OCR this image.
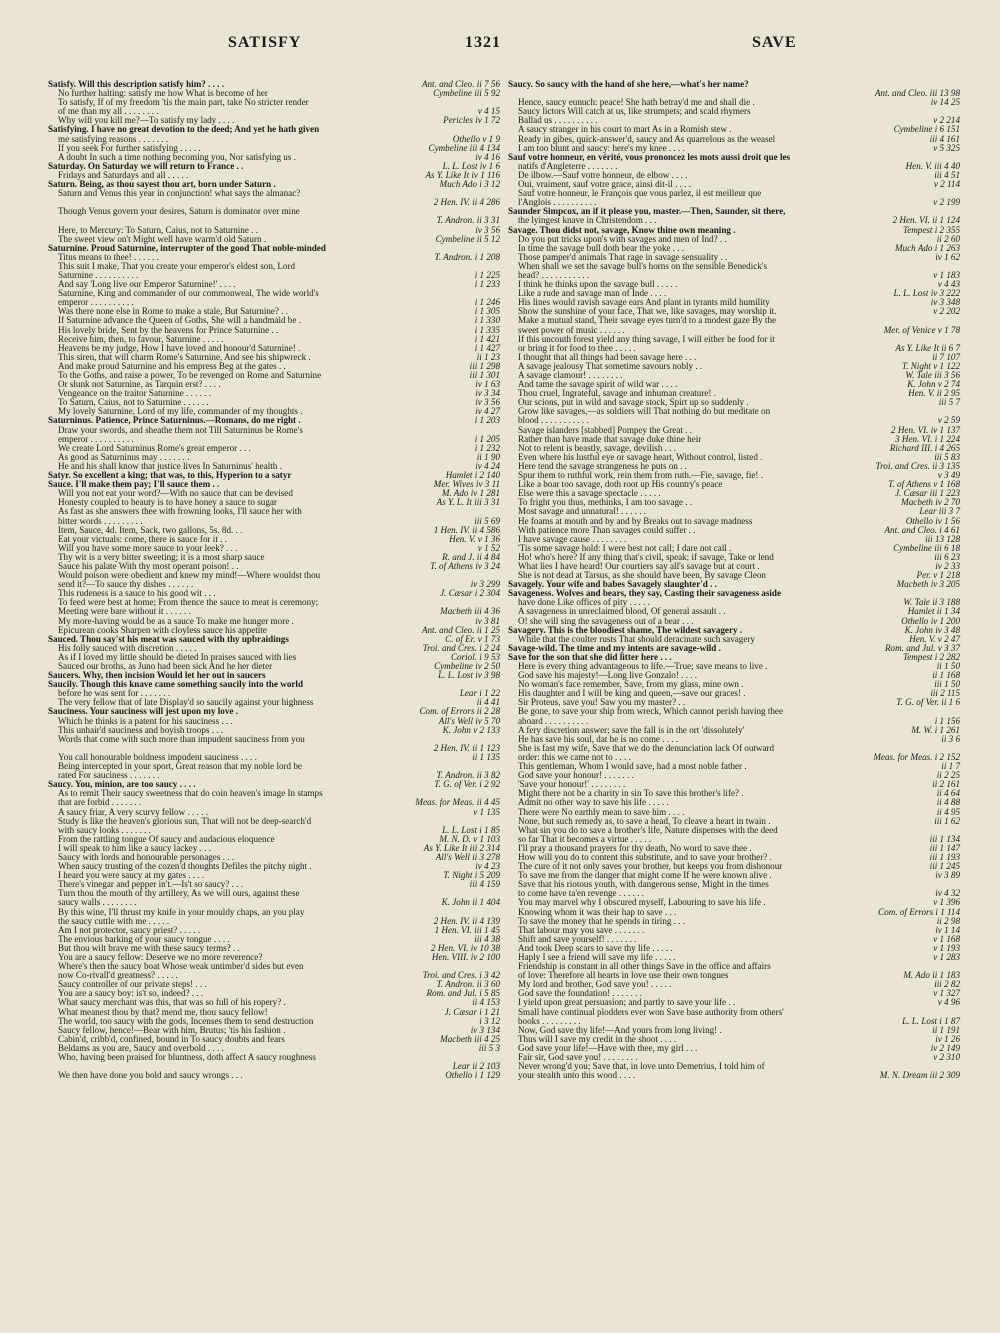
SATISFY	1321	SAVE
Satisfy. Will this description satisfy him? . . . .	Ant. and Cleo. ii 7 56
No further halting: satisfy me how What is become of her	Cymbeline iii 5 92
To satisfy, If of my freedom 'tis the main part, take No stricter render
of me than my all . . . . . . . .	v 4 15
Why will you kill me?—To satisfy my lady . . . .	Pericles iv 1 72
Satisfying. I have no great devotion to the deed; And yet he hath given
me satisfying reasons . . . . . . .	Othello v 1 9
If you seek For further satisfying . . . . .	Cymbeline iii 4 134
A doubt In such a time nothing becoming you, Nor satisfying us .	iv 4 16
Saturday. On Saturday we will return to France . .	L. L. Lost iv 1 6
Fridays and Saturdays and all . . . . .	As Y. Like It iv 1 116
Saturn. Being, as thou sayest thou art, born under Saturn .	Much Ado i 3 12
Saturn and Venus this year in conjunction! what says the almanac?
2 Hen. IV. ii 4 286
Though Venus govern your desires, Saturn is dominator over mine
T. Andron. ii 3 31
Here, to Mercury: To Saturn, Caius, not to Saturnine . .	iv 3 56
The sweet view on't Might well have warm'd old Saturn .	Cymbeline ii 5 12
Saturnine. Proud Saturnine, interrupter of the good That noble-minded
Titus means to thee! . . . . . .	T. Andron. i 1 208
This suit I make, That you create your emperor's eldest son, Lord
Saturnine . . . . . . . . . .	i 1 225
And say 'Long live our Emperor Saturnine!' . . . .	i 1 233
Saturnine, King and commander of our commonweal, The wide world's
emperor . . . . . . . . . .	i 1 246
Was there none else in Rome to make a stale, But Saturnine? . .	i 1 305
If Saturnine advance the Queen of Goths, She will a handmaid be .	i 1 330
His lovely bride, Sent by the heavens for Prince Saturnine . .	i 1 335
Receive him, then, to favour, Saturnine . . . . .	i 1 421
Heavens be my judge, How I have loved and honour'd Saturnine! .	i 1 427
This siren, that will charm Rome's Saturnine, And see his shipwreck .	ii 1 23
And make proud Saturnine and his empress Beg at the gates . .	iii 1 298
To the Goths, and raise a power, To be revenged on Rome and Saturnine	iii 1 301
Or slunk not Saturnine, as Tarquin erst? . . . .	iv 1 63
Vengeance on the traitor Saturnine . . . . . .	iv 3 34
To Saturn, Caius, not to Saturnine . . . . . .	iv 3 56
My lovely Saturnine, Lord of my life, commander of my thoughts .	iv 4 27
Saturninus. Patience, Prince Saturninus.—Romans, do me right .	i 1 203
Draw your swords, and sheathe them not Till Saturninus be Rome's
emperor . . . . . . . . . .	i 1 205
We create Lord Saturninus Rome's great emperor . . .	i 1 232
As good as Saturninus may . . . . . . .	ii 1 90
He and his shall know that justice lives In Saturninus' health .	iv 4 24
Satyr. So excellent a king; that was, to this, Hyperion to a satyr	Hamlet i 2 140
Sauce. I'll make them pay; I'll sauce them . .	Mer. Wives iv 3 11
Will you not eat your word?—With no sauce that can be devised	M. Ado iv 1 281
Honesty coupled to beauty is to have honey a sauce to sugar	As Y. L. It iii 3 31
As fast as she answers thee with frowning looks, I'll sauce her with
bitter words . . . . . . . . .	iii 5 69
Item, Sauce, 4d. Item, Sack, two gallons, 5s. 8d. . .	1 Hen. IV. ii 4 586
Eat your victuals: come, there is sauce for it . .	Hen. V. v 1 36
Will you have some more sauce to your leek? . . .	v 1 52
Thy wit is a very bitter sweeting; it is a most sharp sauce	R. and J. ii 4 84
Sauce his palate With thy most operant poison! . .	T. of Athens iv 3 24
Would poison were obedient and knew my mind!—Where wouldst thou
send it?—To sauce thy dishes . . . . . .	iv 3 299
This rudeness is a sauce to his good wit . . .	J. Cæsar i 2 304
To feed were best at home; From thence the sauce to meat is ceremony;
Meeting were bare without it . . . . . .	Macbeth iii 4 36
My more-having would be as a sauce To make me hunger more .	iv 3 81
Epicurean cooks Sharpen with cloyless sauce his appetite	Ant. and Cleo. ii 1 25
Sauced. Thou say'st his meat was sauced with thy upbraidings	C. of Er. v 1 73
His folly sauced with discretion . . . . .	Troi. and Cres. i 2 24
As if I loved my little should be dieted In praises sauced with lies	Coriol. i 9 53
Sauced our broths, as Juno had been sick And he her dieter	Cymbeline iv 2 50
Saucers. Why, then incision Would let her out in saucers	L. L. Lost iv 3 98
Saucily. Though this knave came something saucily into the world
before he was sent for . . . . . . .	Lear i 1 22
The very fellow that of late Display'd so saucily against your highness	ii 4 41
Sauciness. Your sauciness will jest upon my love .	Com. of Errors ii 2 28
Which he thinks is a patent for his sauciness . . .	All's Well iv 5 70
This unhair'd sauciness and boyish troops . . .	K. John v 2 133
Words that come with such more than impudent sauciness from you
2 Hen. IV. ii 1 123
You call honourable boldness impudent sauciness . . . .	ii 1 135
Being intercepted in your sport, Great reason that my noble lord be
rated For sauciness . . . . . . .	T. Andron. ii 3 82
Saucy. You, minion, are too saucy . . . .	T. G. of Ver. i 2 92
As to remit Their saucy sweetness that do coin heaven's image In stamps
that are forbid . . . . . . .	Meas. for Meas. ii 4 45
A saucy friar, A very scurvy fellow . . . . .	v 1 135
Study is like the heaven's glorious sun, That will not be deep-search'd
with saucy looks . . . . . . .	L. L. Lost i 1 85
From the rattling tongue Of saucy and audacious eloquence	M. N. D. v 1 103
I will speak to him like a saucy lackey . . .	As Y. Like It iii 2 314
Saucy with lords and honourable personages . . .	All's Well ii 3 278
When saucy trusting of the cozen'd thoughts Defiles the pitchy night .	iv 4 23
I heard you were saucy at my gates . . . .	T. Night i 5 209
There's vinegar and pepper in't.—Is't so saucy? . . .	iii 4 159
Turn thou the mouth of thy artillery, As we will ours, against these
saucy walls . . . . . . . .	K. John ii 1 404
By this wine, I'll thrust my knife in your mouldy chaps, an you play
the saucy cuttle with me . . . . .	2 Hen. IV. ii 4 139
Am I not protector, saucy priest? . . . . .	1 Hen. VI. iii 1 45
The envious barking of your saucy tongue . . . .	iii 4 38
But thou wilt brave me with these saucy terms? . .	2 Hen. VI. iv 10 38
You are a saucy fellow: Deserve we no more reverence?	Hen. VIII. iv 2 100
Where's then the saucy boat Whose weak untimber'd sides but even
now Co-rivall'd greatness? . . . . .	Troi. and Cres. i 3 42
Saucy controller of our private steps! . . .	T. Andron. ii 3 60
You are a saucy boy: is't so, indeed? . . .	Rom. and Jul. i 5 85
What saucy merchant was this, that was so full of his ropery? .	ii 4 153
What meanest thou by that? mend me, thou saucy fellow!	J. Cæsar i 1 21
The world, too saucy with the gods, Incenses them to send destruction	i 3 12
Saucy fellow, hence!—Bear with him, Brutus; 'tis his fashion .	iv 3 134
Cabin'd, cribb'd, confined, bound in To saucy doubts and fears	Macbeth iii 4 25
Beldams as you are, Saucy and overbold . . . .	iii 5 3
Who, having been praised for bluntness, doth affect A saucy roughness
Lear ii 2 103
We then have done you bold and saucy wrongs . . .	Othello i 1 129
Saucy. So saucy with the hand of she here,—what's her name?
Ant. and Cleo. iii 13 98
Hence, saucy eunuch: peace! She hath betray'd me and shall die .	iv 14 25
Saucy lictors Will catch at us, like strumpets; and scald rhymers
Ballad us . . . . . . . . . .	v 2 214
A saucy stranger in his court to mart As in a Romish stew .	Cymbeline i 6 151
Ready in gibes, quick-answer'd, saucy and As quarrelous as the weasel	iii 4 161
I am too blunt and saucy: here's my knee . . . .	v 5 325
Sauf votre honneur, en vérité, vous prononcez les mots aussi droit que les
natifs d'Angleterre . . . . . . .	Hen. V. iii 4 40
De ilbow.—Sauf votre honneur, de elbow . . . .	iii 4 51
Oui, vraiment, sauf votre grace, ainsi dit-il . . . .	v 2 114
Sauf votre honneur, le François que vous parlez, il est meilleur que
l'Anglois . . . . . . . . . .	v 2 199
Saunder Simpcox, an if it please you, master.—Then, Saunder, sit there,
the lyingest knave in Christendom . . .	2 Hen. VI. ii 1 124
Savage. Thou didst not, savage, Know thine own meaning .	Tempest i 2 355
Do you put tricks upon's with savages and men of Ind? . .	ii 2 60
In time the savage bull doth bear the yoke . . .	Much Ado i 1 263
Those pamper'd animals That rage in savage sensuality . .	iv 1 62
When shall we set the savage bull's horns on the sensible Benedick's
head? . . . . . . . . . . .	v 1 183
I think he thinks upon the savage bull . . . . .	v 4 43
Like a rude and savage man of Inde . . . .	L. L. Lost iv 3 222
His lines would ravish savage ears And plant in tyrants mild humility	iv 3 348
Show the sunshine of your face, That we, like savages, may worship it.	v 2 202
Make a mutual stand, Their savage eyes turn'd to a modest gaze By the
sweet power of music . . . . . .	Mer. of Venice v 1 78
If this uncouth forest yield any thing savage, I will either be food for it
or bring it for food to thee . . . . .	As Y. Like It ii 6 7
I thought that all things had been savage here . . .	ii 7 107
A savage jealousy That sometime savours nobly . .	T. Night v 1 122
A savage clamour! . . . . . . . .	W. Tale iii 3 56
And tame the savage spirit of wild war . . . .	K. John v 2 74
Thou cruel, Ingrateful, savage and inhuman creature! .	Hen. V. ii 2 95
Our scions, put in wild and savage stock, Spirt up so suddenly .	iii 5 7
Grow like savages,—as soldiers will That nothing do but meditate on
blood . . . . . . . . . . .	v 2 59
Savage islanders [stabbed] Pompey the Great . .	2 Hen. VI. iv 1 137
Rather than have made that savage duke thine heir	3 Hen. VI. i 1 224
Not to relent is beastly, savage, devilish . . .	Richard III. i 4 265
Even where his lustful eye or savage heart, Without control, listed .	iii 5 83
Here tend the savage strangeness he puts on . .	Troi. and Cres. ii 3 135
Spur them to ruthful work, rein them from ruth.—Fie, savage, fie! .	v 3 49
Like a boar too savage, doth root up His country's peace	T. of Athens v 1 168
Else were this a savage spectacle . . . . .	J. Cæsar iii 1 223
To fright you thus, methinks, I am too savage . .	Macbeth iv 2 70
Most savage and unnatural! . . . . . .	Lear iii 3 7
He foams at mouth and by and by Breaks out to savage madness	Othello iv 1 56
With patience more Than savages could suffer . .	Ant. and Cleo. i 4 61
I have savage cause . . . . . . . .	iii 13 128
'Tis some savage hold: I were best not call; I dare not call .	Cymbeline iii 6 18
Ho! who's here? If any thing that's civil, speak; if savage, Take or lend	iii 6 23
What lies I have heard! Our courtiers say all's savage but at court .	iv 2 33
She is not dead at Tarsus, as she should have been, By savage Cleon	Per. v 1 218
Savagely. Your wife and babes Savagely slaughter'd . .	Macbeth iv 3 205
Savageness. Wolves and bears, they say, Casting their savageness aside
have done Like offices of pity . . . . .	W. Tale ii 3 188
A savageness in unreclaimed blood, Of general assault . .	Hamlet ii 1 34
O! she will sing the savageness out of a bear . . .	Othello iv 1 200
Savagery. This is the bloodiest shame, The wildest savagery .	K. John iv 3 48
While that the coulter rusts That should deracinate such savagery	Hen. V. v 2 47
Savage-wild. The time and my intents are savage-wild .	Rom. and Jul. v 3 37
Save for the son that she did litter here . . .	Tempest i 2 282
Here is every thing advantageous to life.—True; save means to live .	ii 1 50
God save his majesty!—Long live Gonzalo! . . . .	ii 1 168
No woman's face remember, Save, from my glass, mine own .	iii 1 50
His daughter and I will be king and queen,—save our graces! .	iii 2 115
Sir Proteus, save you! Saw you my master? . .	T. G. of Ver. ii 1 6
Be gone, to save your ship from wreck, Which cannot perish having thee
aboard . . . . . . . . . .	i 1 156
A fery discretion answer; save the fall is in the ort 'dissolutely'	M. W. i 1 261
He has save his soul, dat he is no come . . . .	ii 3 6
She is fast my wife, Save that we do the denunciation lack Of outward
order: this we came not to . . . .	Meas. for Meas. i 2 152
This gentleman, Whom I would save, had a most noble father .	ii 1 7
God save your honour! . . . . . . .	ii 2 25
'Save your honour!' . . . . . . . .	ii 2 161
Might there not be a charity in sin To save this brother's life? .	ii 4 64
Admit no other way to save his life . . . . .	ii 4 88
There were No earthly mean to save him . . . .	ii 4 95
None, but such remedy as, to save a head, To cleave a heart in twain .	iii 1 62
What sin you do to save a brother's life, Nature dispenses with the deed
so far That it becomes a virtue . . . . .	iii 1 134
I'll pray a thousand prayers for thy death, No word to save thee .	iii 1 147
How will you do to content this substitute, and to save your brother? .	iii 1 193
The cure of it not only saves your brother, but keeps you from dishonour	iii 1 245
To save me from the danger that might come If he were known alive .	iv 3 89
Save that his riotous youth, with dangerous sense, Might in the times
to come have ta'en revenge . . . . . .	iv 4 32
You may marvel why I obscured myself, Labouring to save his life .	v 1 396
Knowing whom it was their hap to save . . .	Com. of Errors i 1 114
To save the money that he spends in tiring . . .	ii 2 98
That labour may you save . . . . . . .	iv 1 14
Shift and save yourself! . . . . . . .	v 1 168
And took Deep scars to save thy life . . . . .	v 1 193
Haply I see a friend will save my life . . . . .	v 1 283
Friendship is constant in all other things Save in the office and affairs
of love: Therefore all hearts in love use their own tongues	M. Ado ii 1 183
My lord and brother, God save you! . . . . .	iii 2 82
God save the foundation! . . . . . . .	v 1 327
I yield upon great persuasion; and partly to save your life . .	v 4 96
Small have continual plodders ever won Save base authority from others'
books . . . . . . . . .	L. L. Lost i 1 87
Now, God save thy life!—And yours from long living! .	ii 1 191
Thus will I save my credit in the shoot . . . .	iv 1 26
God save your life!—Have with thee, my girl . . .	iv 2 149
Fair sir, God save you! . . . . . . . .	v 2 310
Never wrong'd you; Save that, in love unto Demetrius, I told him of
your stealth unto this wood . . . .	M. N. Dream iii 2 309
